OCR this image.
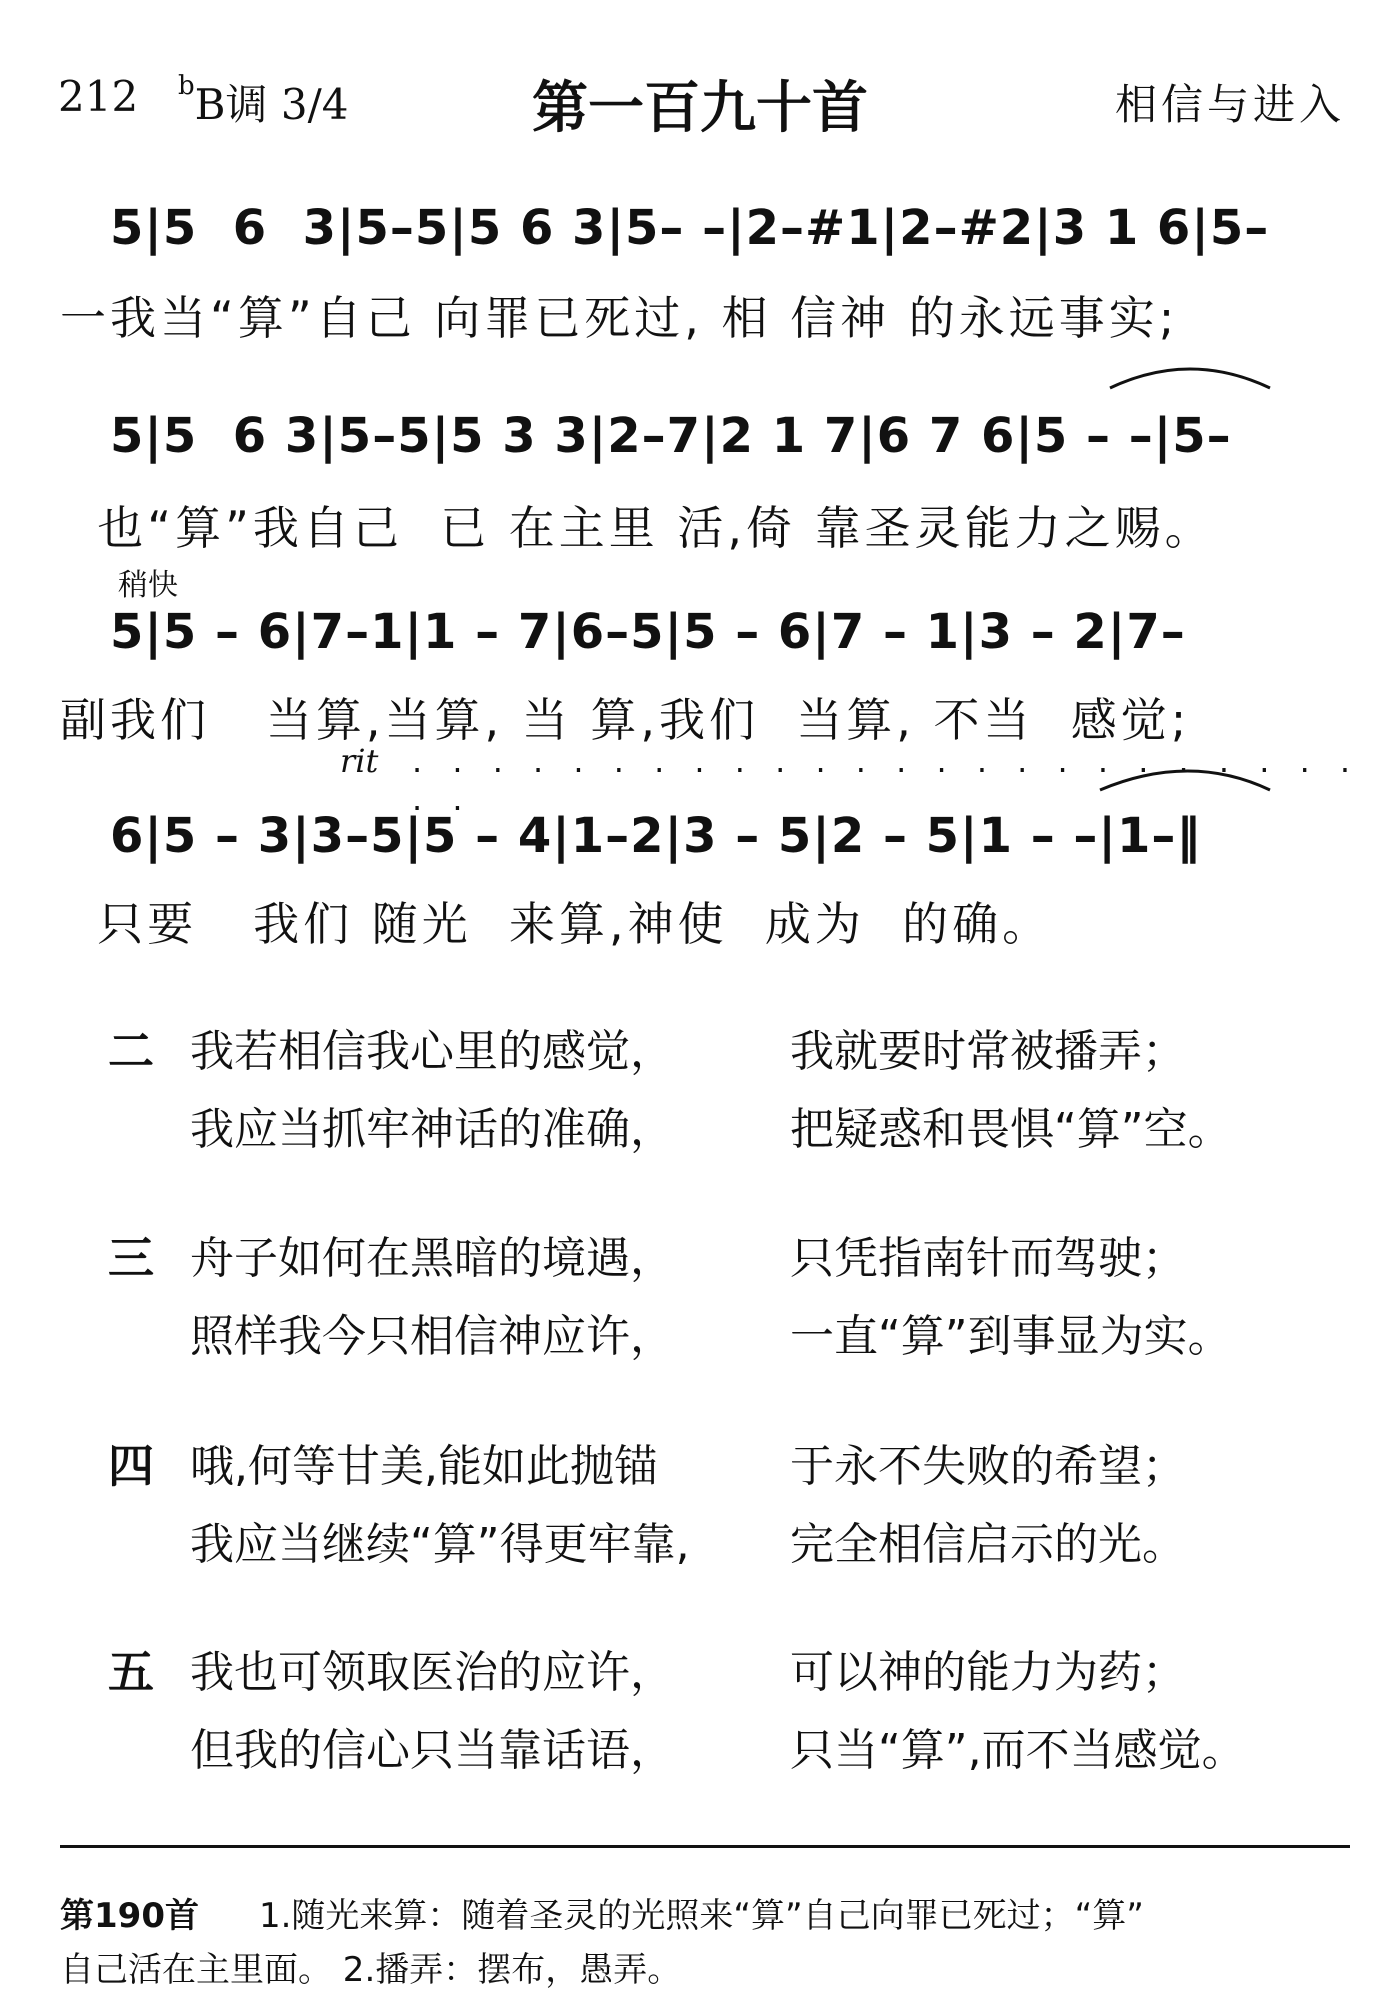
212 $^b$B调 3/4	第一百九十首	相信与进入
5|5  6  3|5–5|5 6 3|5– –|2–#1|2–#2|3 1 6|5–
一我当“算”自己 向罪已死过, 相 信神 的永远事实;
5|5  6 3|5–5|5 3 3|2–7|2 1 7|6 7 6|5 – –|5–
也“算”我自己  已 在主里 活,倚 靠圣灵能力之赐。
稍快
5|5 – 6|7–1|1 – 7|6–5|5 – 6|7 – 1|3 – 2|7–
副我们   当算,当算, 当 算,我们  当算, 不当  感觉;
rit . . . . . . . . . . . . . . . . . . . . . . . . . .
6|5 – 3|3–5|5 – 4|1–2|3 – 5|2 – 5|1 – –|1–‖
只要   我们 随光  来算,神使  成为  的确。
二 我若相信我心里的感觉，	我就要时常被播弄；
我应当抓牢神话的准确，	把疑惑和畏惧“算”空。
三 舟子如何在黑暗的境遇，	只凭指南针而驾驶；
照样我今只相信神应许，	一直“算”到事显为实。
四 哦,何等甘美,能如此抛锚	于永不失败的希望；
我应当继续“算”得更牢靠, 完全相信启示的光。
五 我也可领取医治的应许，	可以神的能力为药；
但我的信心只当靠话语，	只当“算”,而不当感觉。
第190首 1.随光来算：随着圣灵的光照来“算”自己向罪已死过；“算”
自己活在主里面。 2.播弄：摆布，愚弄。
